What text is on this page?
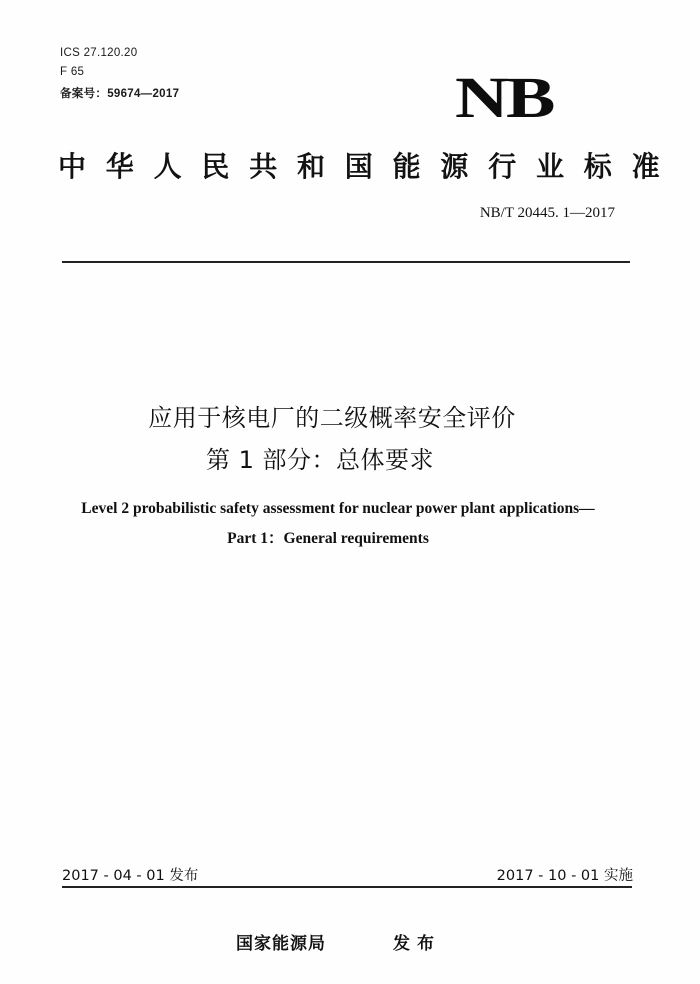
ICS 27.120.20
F 65
备案号：59674—2017	NB
中华人民共和国能源行业标准
NB/T 20445. 1—2017
应用于核电厂的二级概率安全评价
第 1 部分：总体要求
Level 2 probabilistic safety assessment for nuclear power plant applications—
Part 1：General requirements
2017 - 04 - 01 发布	2017 - 10 - 01 实施
国家能源局	发布
